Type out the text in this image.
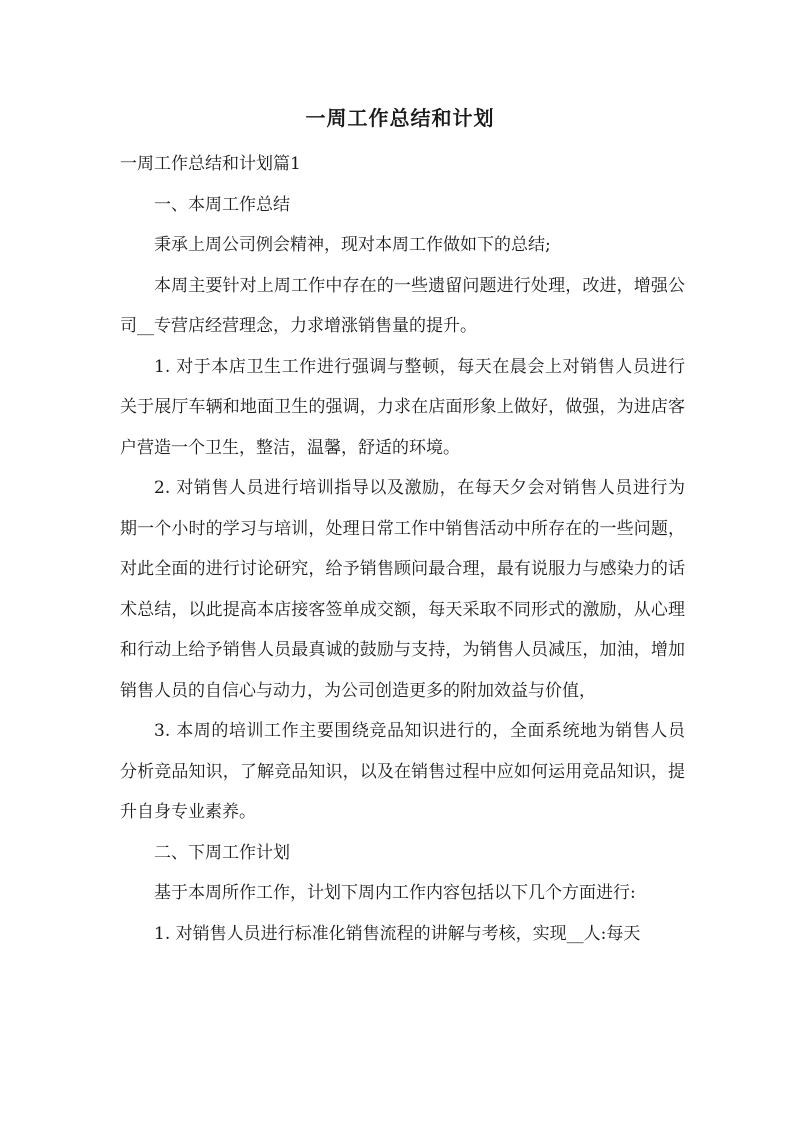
一周工作总结和计划

一周工作总结和计划篇1

一、本周工作总结

秉承上周公司例会精神，现对本周工作做如下的总结;

本周主要针对上周工作中存在的一些遗留问题进行处理，改进，增强公司__专营店经营理念，力求增涨销售量的提升。

1. 对于本店卫生工作进行强调与整顿，每天在晨会上对销售人员进行关于展厅车辆和地面卫生的强调，力求在店面形象上做好，做强，为进店客户营造一个卫生，整洁，温馨，舒适的环境。

2. 对销售人员进行培训指导以及激励，在每天夕会对销售人员进行为期一个小时的学习与培训，处理日常工作中销售活动中所存在的一些问题，对此全面的进行讨论研究，给予销售顾问最合理，最有说服力与感染力的话术总结，以此提高本店接客签单成交额，每天采取不同形式的激励，从心理和行动上给予销售人员最真诚的鼓励与支持，为销售人员减压，加油，增加销售人员的自信心与动力，为公司创造更多的附加效益与价值，

3. 本周的培训工作主要围绕竞品知识进行的，全面系统地为销售人员分析竞品知识，了解竞品知识，以及在销售过程中应如何运用竞品知识，提升自身专业素养。

二、下周工作计划

基于本周所作工作，计划下周内工作内容包括以下几个方面进行:

1. 对销售人员进行标准化销售流程的讲解与考核，实现__人:每天
